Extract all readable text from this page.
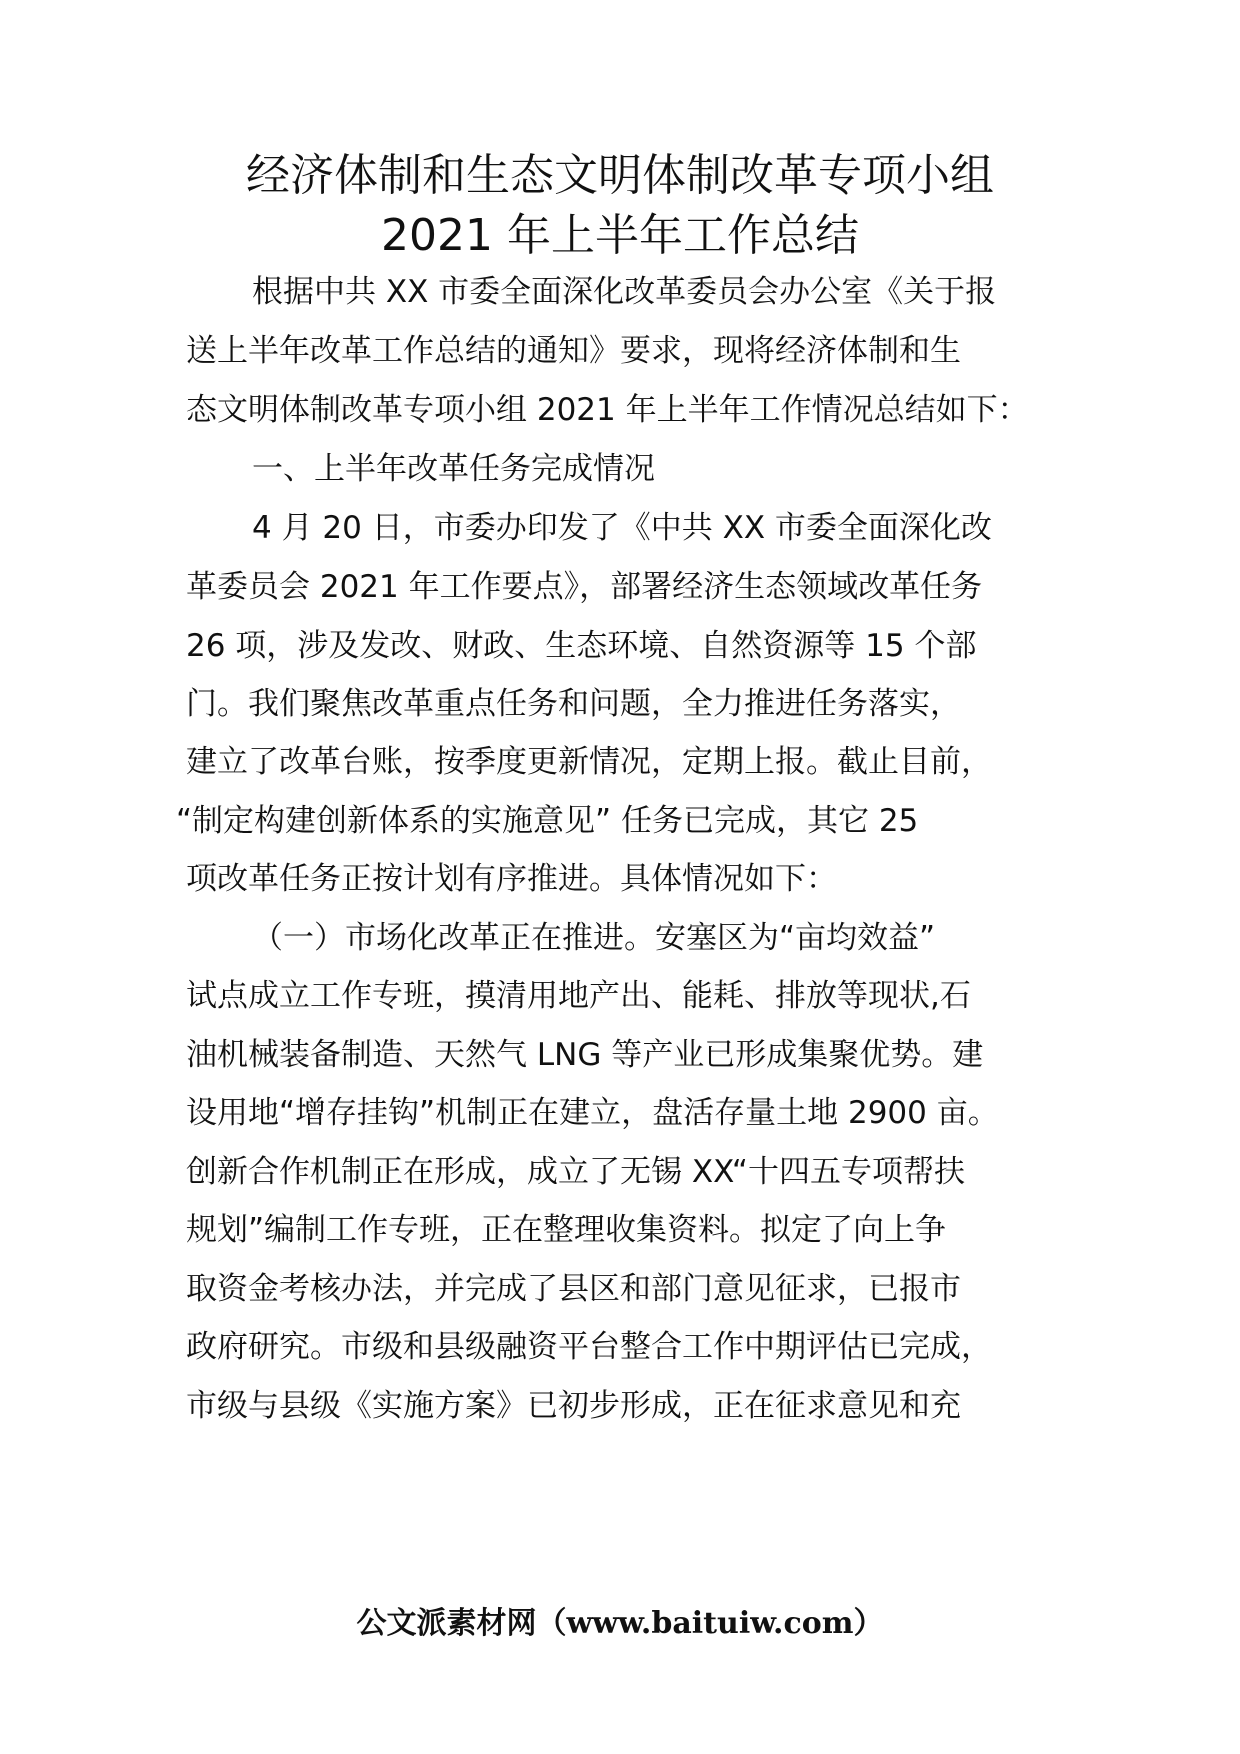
经济体制和生态文明体制改革专项小组
2021 年上半年工作总结
根据中共 XX 市委全面深化改革委员会办公室《关于报
送上半年改革工作总结的通知》要求，现将经济体制和生
态文明体制改革专项小组 2021 年上半年工作情况总结如下：
一、上半年改革任务完成情况
4 月 20 日，市委办印发了《中共 XX 市委全面深化改
革委员会 2021 年工作要点》，部署经济生态领域改革任务
26 项，涉及发改、财政、生态环境、自然资源等 15 个部
门。我们聚焦改革重点任务和问题，全力推进任务落实，
建立了改革台账，按季度更新情况，定期上报。截止目前，
“制定构建创新体系的实施意见” 任务已完成，其它 25
项改革任务正按计划有序推进。具体情况如下：
（一）市场化改革正在推进。安塞区为“亩均效益”
试点成立工作专班，摸清用地产出、能耗、排放等现状,石
油机械装备制造、天然气 LNG 等产业已形成集聚优势。建
设用地“增存挂钩”机制正在建立，盘活存量土地 2900 亩。
创新合作机制正在形成，成立了无锡 XX“十四五专项帮扶
规划”编制工作专班，正在整理收集资料。拟定了向上争
取资金考核办法，并完成了县区和部门意见征求，已报市
政府研究。市级和县级融资平台整合工作中期评估已完成，
市级与县级《实施方案》已初步形成，正在征求意见和充
公文派素材网（www.baituiw.com）
